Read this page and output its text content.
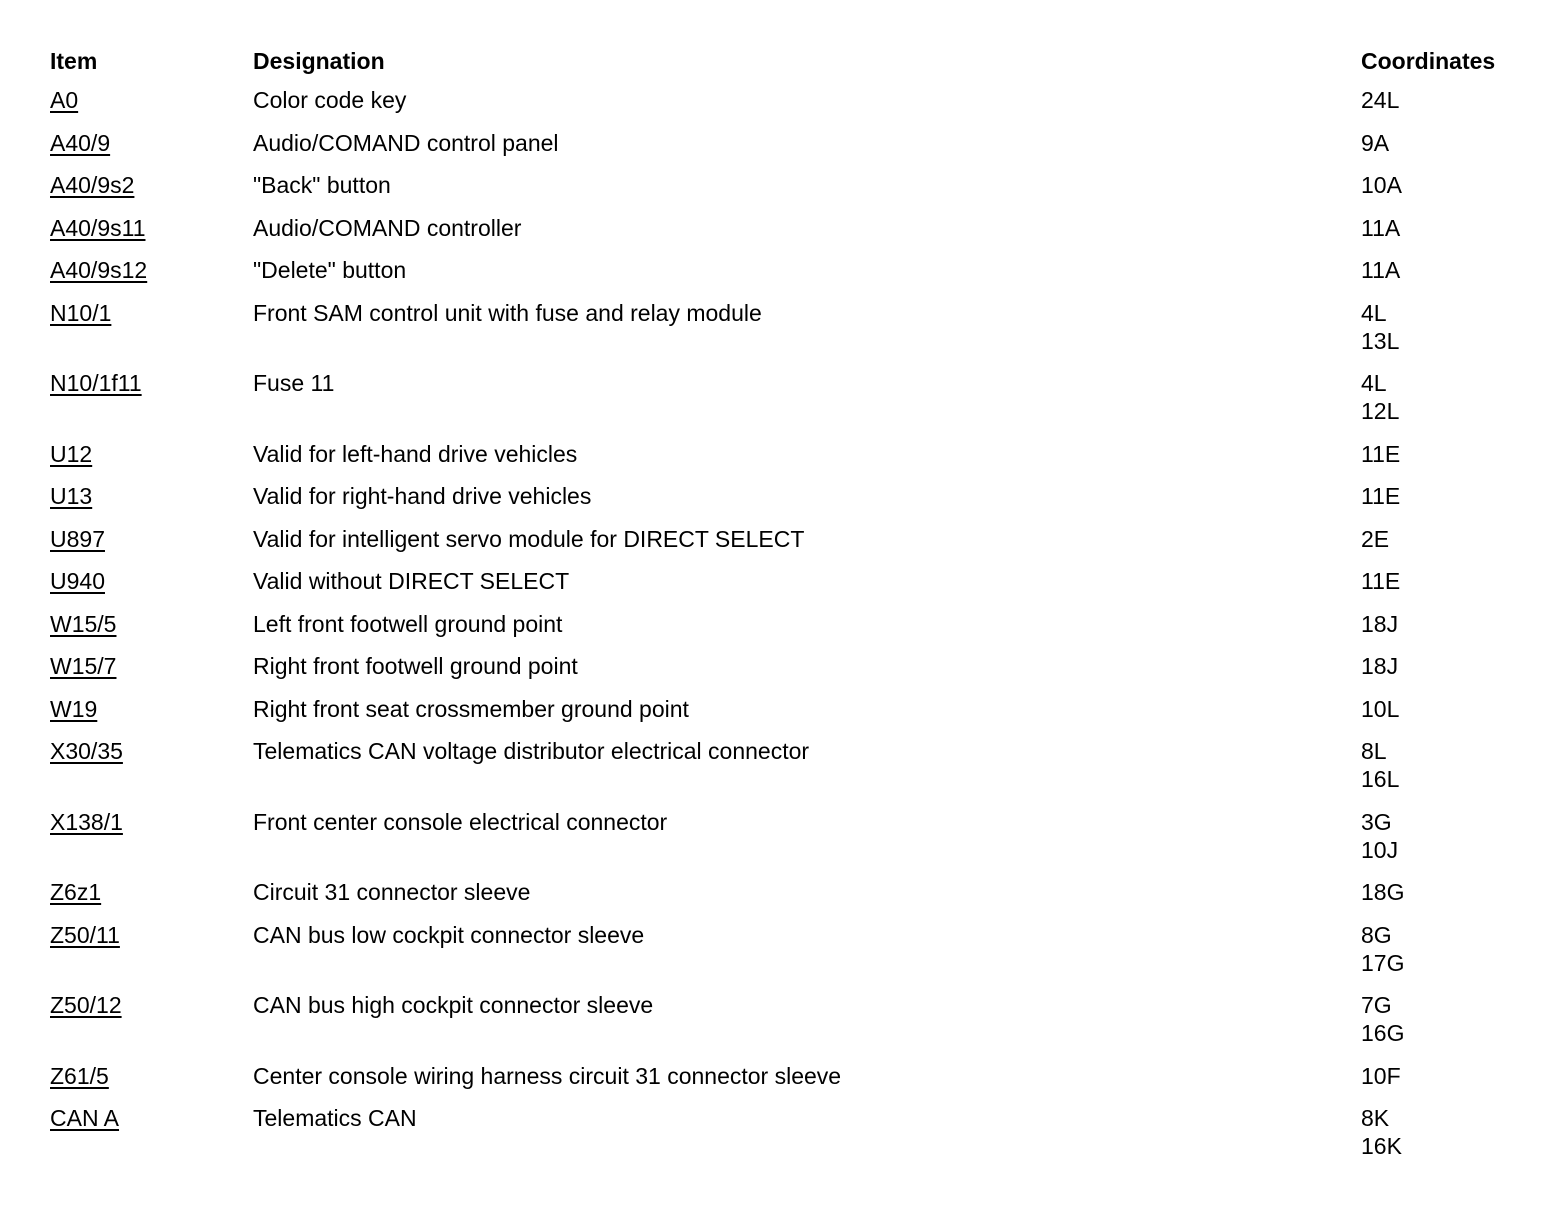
Item	Designation	Coordinates
A0	Color code key	24L
A40/9	Audio/COMAND control panel	9A
A40/9s2	"Back" button	10A
A40/9s11	Audio/COMAND controller	11A
A40/9s12	"Delete" button	11A
N10/1	Front SAM control unit with fuse and relay module	4L
13L
N10/1f11	Fuse 11	4L
12L
U12	Valid for left-hand drive vehicles	11E
U13	Valid for right-hand drive vehicles	11E
U897	Valid for intelligent servo module for DIRECT SELECT	2E
U940	Valid without DIRECT SELECT	11E
W15/5	Left front footwell ground point	18J
W15/7	Right front footwell ground point	18J
W19	Right front seat crossmember ground point	10L
X30/35	Telematics CAN voltage distributor electrical connector	8L
16L
X138/1	Front center console electrical connector	3G
10J
Z6z1	Circuit 31 connector sleeve	18G
Z50/11	CAN bus low cockpit connector sleeve	8G
17G
Z50/12	CAN bus high cockpit connector sleeve	7G
16G
Z61/5	Center console wiring harness circuit 31 connector sleeve	10F
CAN A	Telematics CAN	8K
16K
